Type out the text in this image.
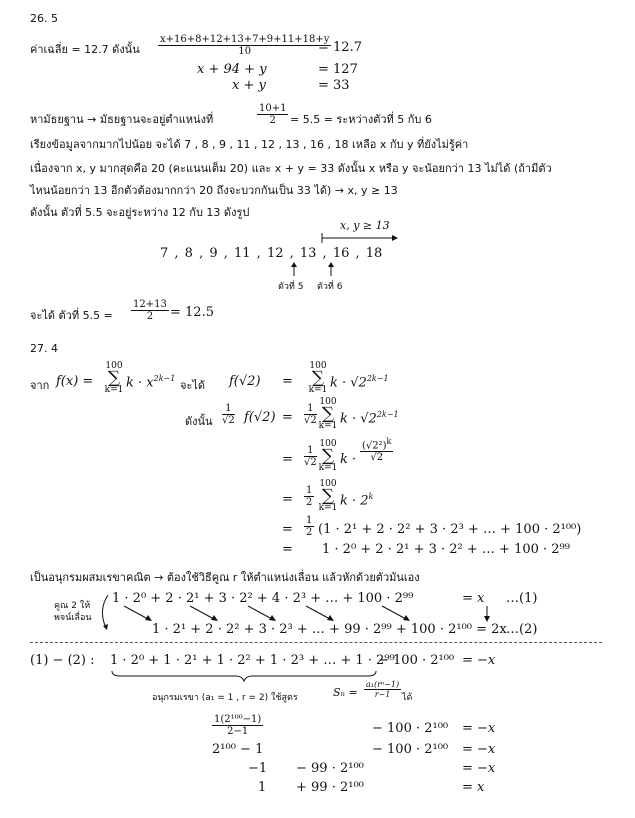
26. 5
ค่าเฉลี่ย = 12.7 ดังนั้น $\frac{x+16+8+12+13+7+9+11+18+y}{10}$
= 12.7
x + 94 + y	= 127
x + y	= 33
หามัธยฐาน → มัธยฐานจะอยู่ตำแหน่งที่	$\frac{10+1}{2} = 5.5$ = ระหว่างตัวที่ 5 กับ 6
เรียงข้อมูลจากมากไปน้อย จะได้ 7 , 8 , 9 , 11 , 12 , 13 , 16 , 18 เหลือ x กับ y ที่ยังไม่รู้ค่า
เนื่องจาก x, y มากสุดคือ 20 (คะแนนเต็ม 20) และ x + y = 33 ดังนั้น x หรือ y จะน้อยกว่า 13 ไม่ได้ (ถ้ามีตัว
ไหนน้อยกว่า 13 อีกตัวต้องมากกว่า 20 ถึงจะบวกกันเป็น 33 ได้) → x, y ≥ 13
ดังนั้น ตัวที่ 5.5 จะอยู่ระหว่าง 12 กับ 13 ดังรูป
x, y ≥ 13
7 , 8 , 9 , 11 , 12 , 13 , 16 , 18
ตัวที่ 5 ตัวที่ 6
จะได้ ตัวที่ $5.5 = \frac{12+13}{2} = 12.5$
27. 4
จาก f(x) =
100
∑
k=1 $k \cdot x^{2k-1}$
จะได้ f(√2) =
100
∑
k=1 $k \cdot √2^{2k-1}$
ดังนั้น $\frac{1}{√2} f(√2) = \frac{1}{√2}$
100
∑
k=1 $k \cdot √2^{2k-1}$
= $\frac{1}{√2}$
100
∑
k=1
$k \cdot \frac{(√2^2)^k}{√2}$
= $\frac{1}{2}$
100
∑
k=1 $k \cdot 2^k$
= $\frac{1}{2} (1 \cdot 2^1 + 2 \cdot 2^2 + 3 \cdot 2^3$ + … + 100 · 2¹⁰⁰)
= 1 · 2⁰ + 2 · 2¹ + 3 · 2² + … + 100 · 2⁹⁹
เป็นอนุกรมผสมเรขาคณิต → ต้องใช้วิธีคูณ r ให้ตำแหน่งเลื่อน แล้วหักด้วยตัวมันเอง
คูณ 2 ให้
พจน์เลื่อน
1 · 2⁰ + 2 · 2¹ + 3 · 2² + 4 · 2³ + … + 100 · 2⁹⁹	= x …(1)
1 · 2¹ + 2 · 2² + 3 · 2³ + … + 99 · 2⁹⁹ + 100 · 2¹⁰⁰ = 2x …(2)
(1) − (2) : 1 · 2⁰ + 1 · 2¹ + 1 · 2² + 1 · 2³ + … + 1 · 2⁹⁹
− 100 · 2¹⁰⁰ = −x
อนุกรมเรขา (a₁ = 1 , r = 2) ใช้สูตร	$S_n = \frac{\text{a₁(rⁿ−1)}}{r-1}$ ได้
$\frac{\text{1(2¹⁰⁰−1)}}{2-1}$	− 100 · 2¹⁰⁰ = −x
2¹⁰⁰ − 1	− 100 · 2¹⁰⁰ = −x
−1 − 99 · 2¹⁰⁰	= −x
1 + 99 · 2¹⁰⁰	= x
